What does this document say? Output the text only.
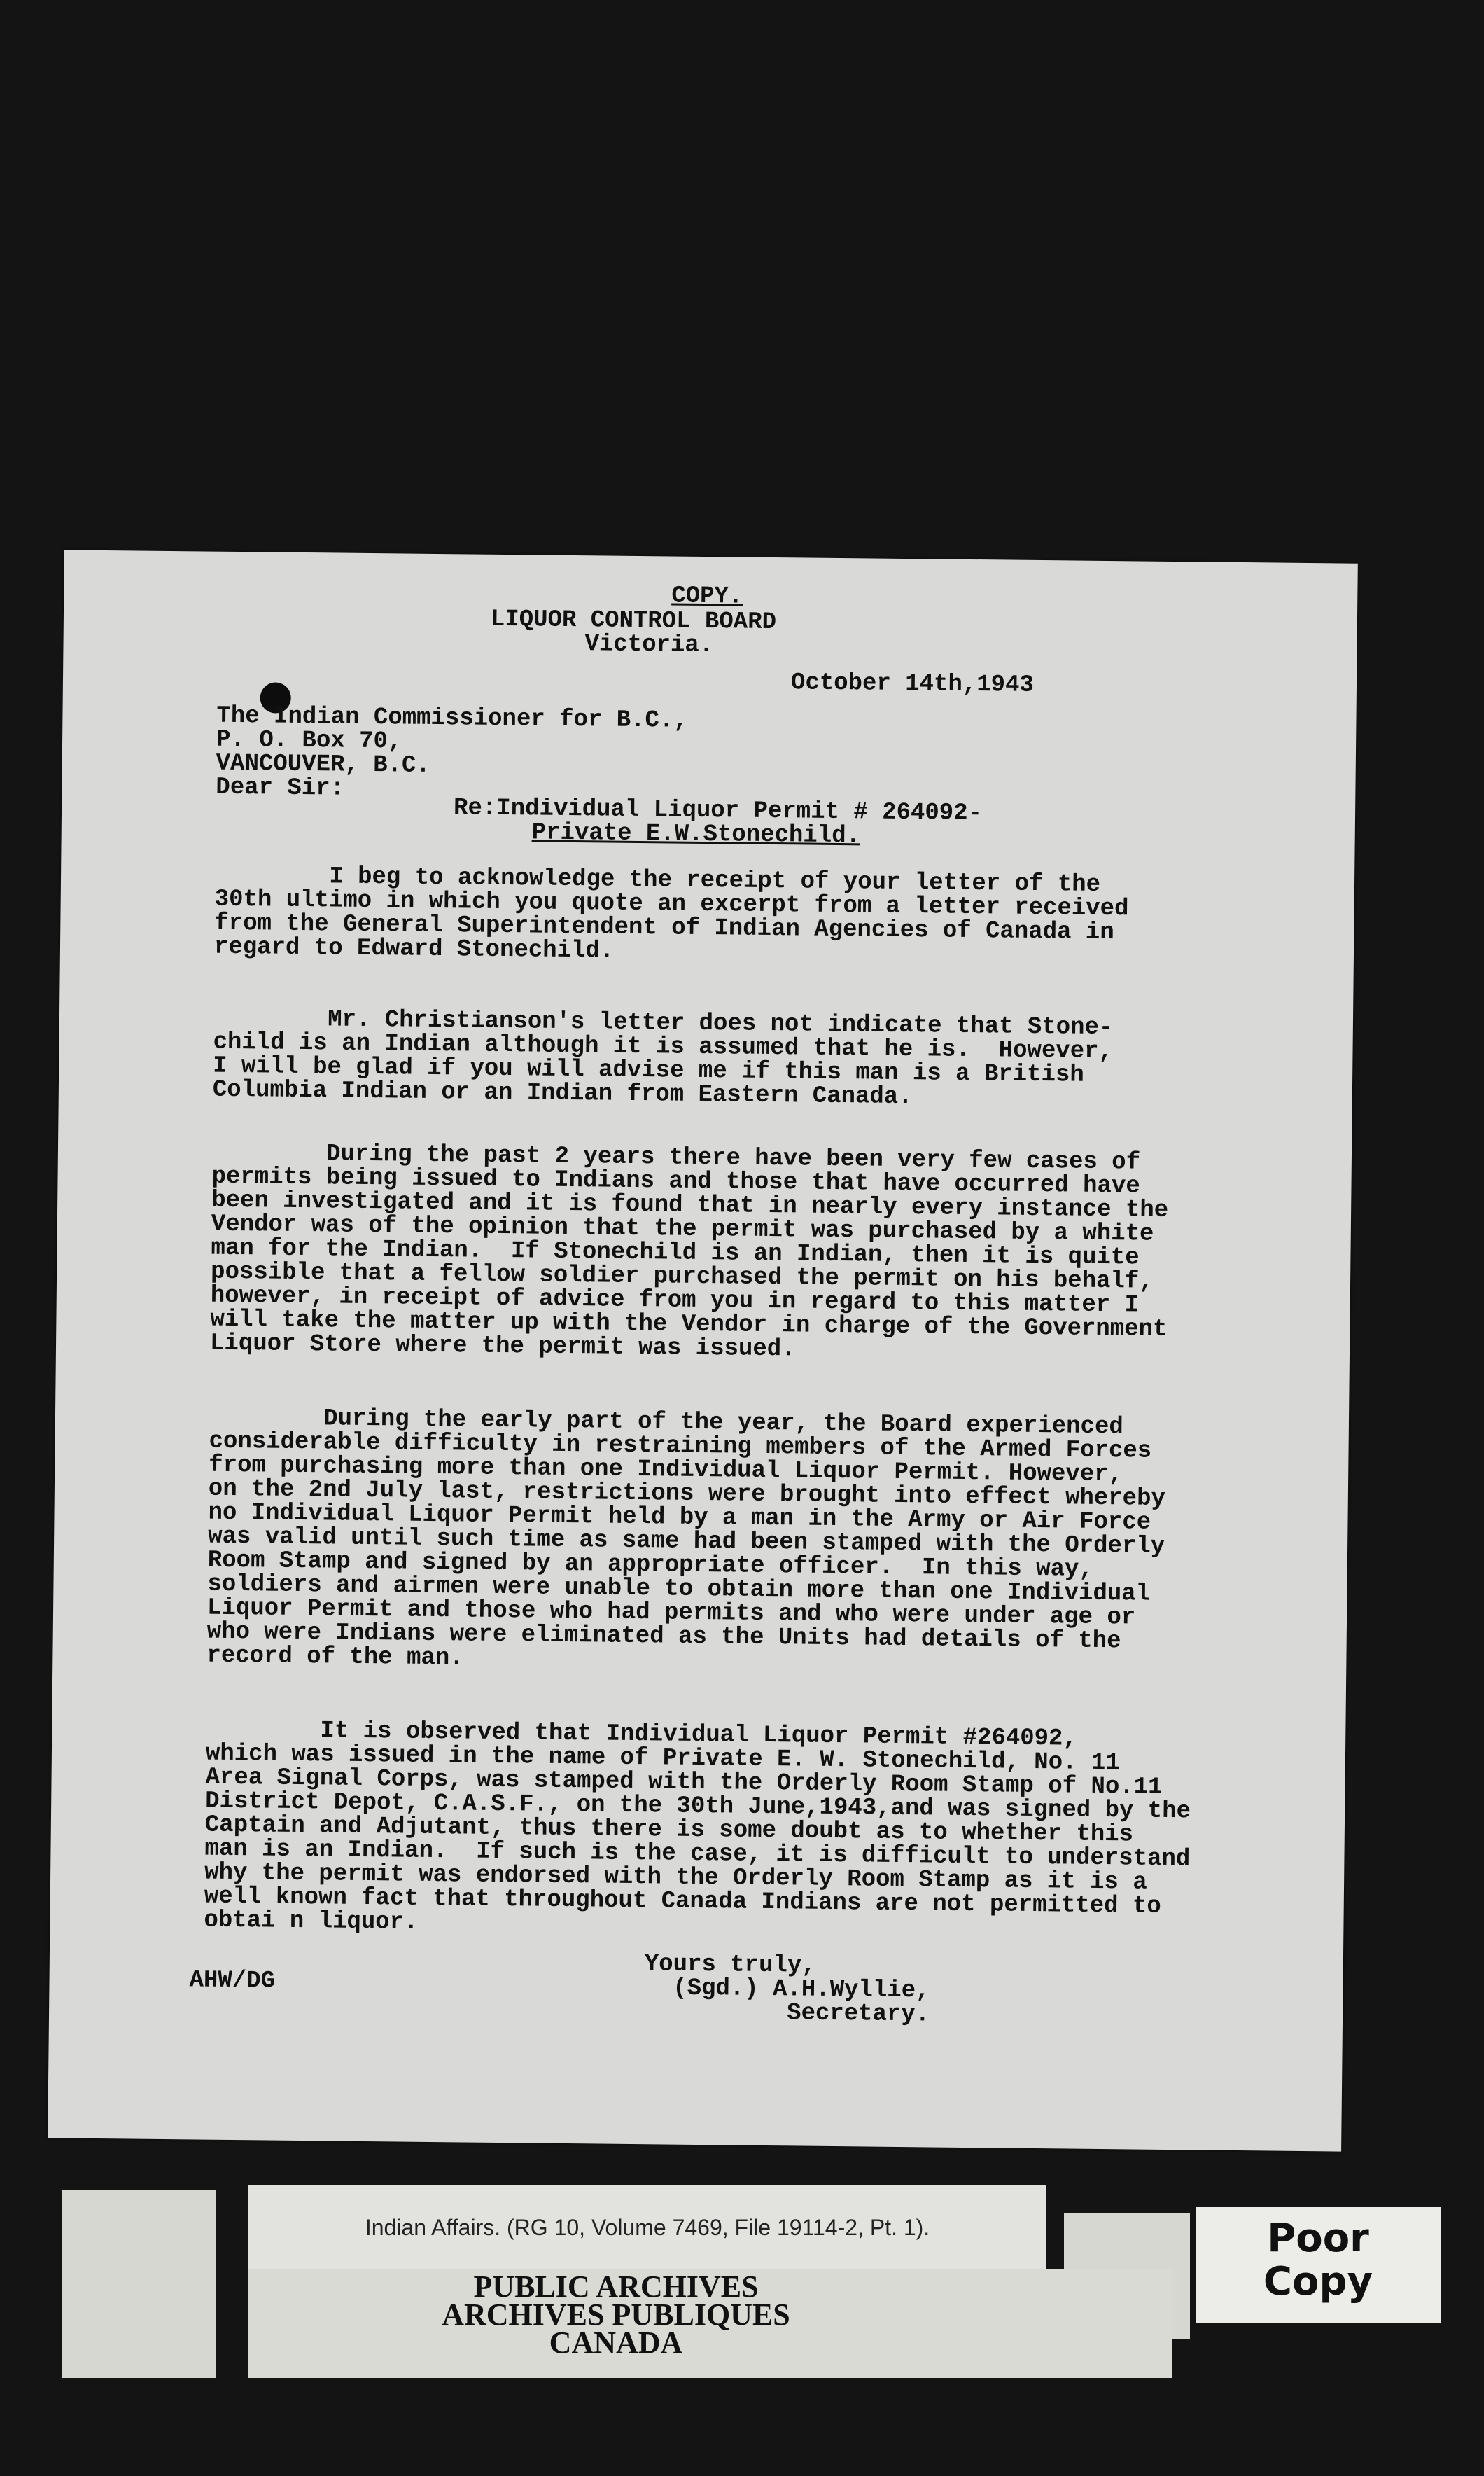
COPY.

LIQUOR CONTROL BOARD

Victoria.

October 14th,1943

The Indian Commissioner for B.C.,
P. O. Box 70,
VANCOUVER, B.C.
Dear Sir:

Re:Individual Liquor Permit # 264092-

Private E.W.Stonechild.

I beg to acknowledge the receipt of your letter of the
30th ultimo in which you quote an excerpt from a letter received
from the General Superintendent of Indian Agencies of Canada in
regard to Edward Stonechild.

Mr. Christianson's letter does not indicate that Stone-
child is an Indian although it is assumed that he is.  However,
I will be glad if you will advise me if this man is a British
Columbia Indian or an Indian from Eastern Canada.

During the past 2 years there have been very few cases of
permits being issued to Indians and those that have occurred have
been investigated and it is found that in nearly every instance the
Vendor was of the opinion that the permit was purchased by a white
man for the Indian.  If Stonechild is an Indian, then it is quite
possible that a fellow soldier purchased the permit on his behalf,
however, in receipt of advice from you in regard to this matter I
will take the matter up with the Vendor in charge of the Government
Liquor Store where the permit was issued.

During the early part of the year, the Board experienced
considerable difficulty in restraining members of the Armed Forces
from purchasing more than one Individual Liquor Permit. However,
on the 2nd July last, restrictions were brought into effect whereby
no Individual Liquor Permit held by a man in the Army or Air Force
was valid until such time as same had been stamped with the Orderly
Room Stamp and signed by an appropriate officer.  In this way,
soldiers and airmen were unable to obtain more than one Individual
Liquor Permit and those who had permits and who were under age or
who were Indians were eliminated as the Units had details of the
record of the man.

It is observed that Individual Liquor Permit #264092,
which was issued in the name of Private E. W. Stonechild, No. 11
Area Signal Corps, was stamped with the Orderly Room Stamp of No.11
District Depot, C.A.S.F., on the 30th June,1943,and was signed by the
Captain and Adjutant, thus there is some doubt as to whether this
man is an Indian.  If such is the case, it is difficult to understand
why the permit was endorsed with the Orderly Room Stamp as it is a
well known fact that throughout Canada Indians are not permitted to
obtai n liquor.

Yours truly,
(Sgd.) A.H.Wyllie,
Secretary.

AHW/DG

Indian Affairs. (RG 10, Volume 7469, File 19114-2, Pt. 1).
PUBLIC ARCHIVES
ARCHIVES PUBLIQUES
CANADA
Poor
Copy
